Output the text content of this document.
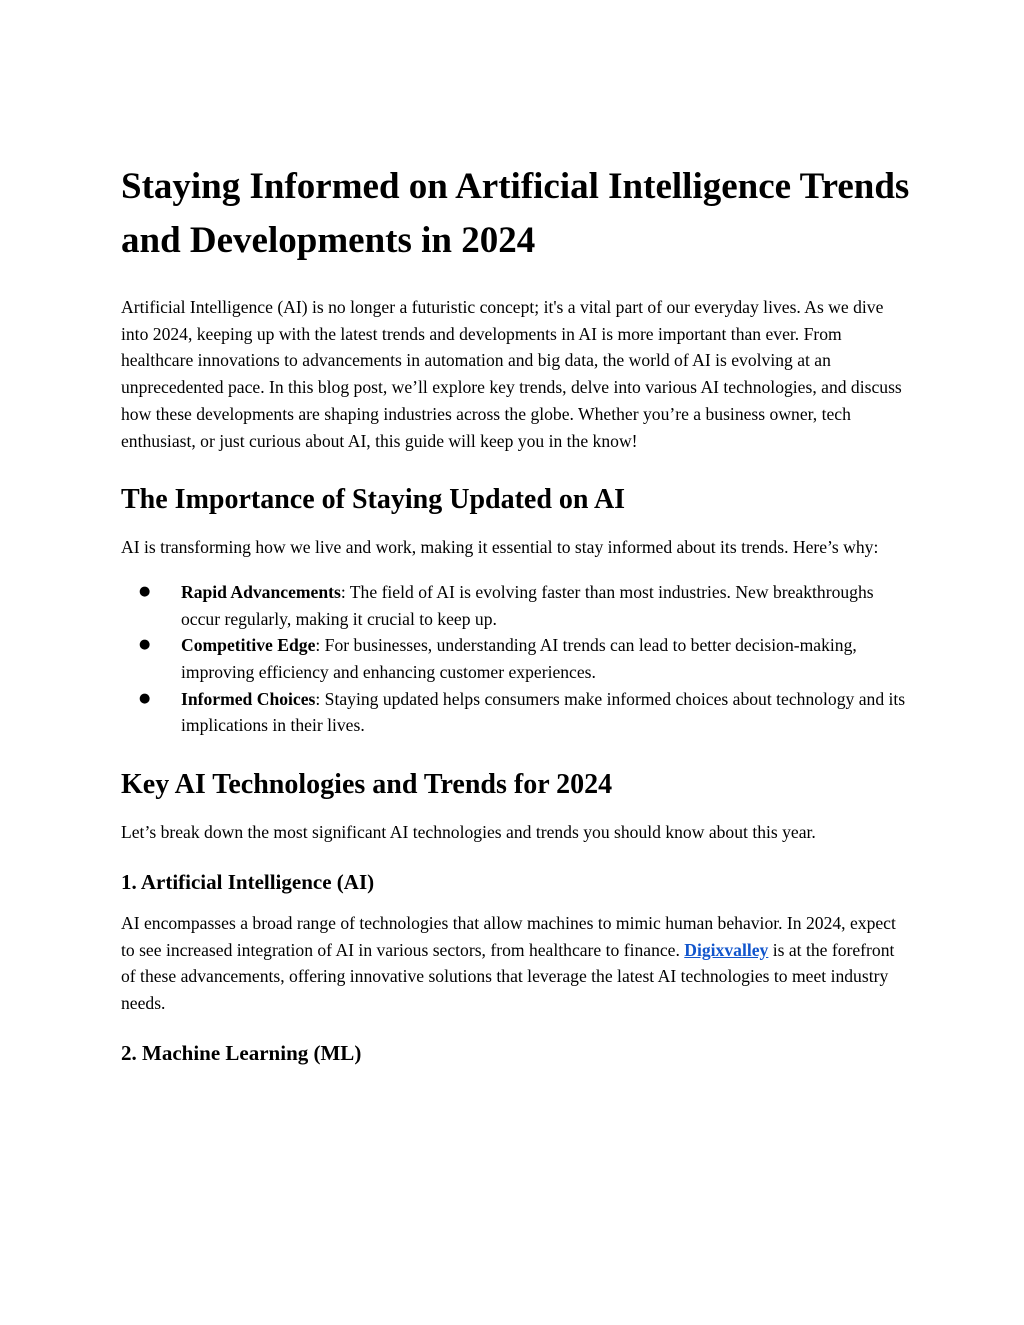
Staying Informed on Artificial Intelligence Trends and Developments in 2024

Artificial Intelligence (AI) is no longer a futuristic concept; it's a vital part of our everyday lives. As we dive into 2024, keeping up with the latest trends and developments in AI is more important than ever. From healthcare innovations to advancements in automation and big data, the world of AI is evolving at an unprecedented pace. In this blog post, we’ll explore key trends, delve into various AI technologies, and discuss how these developments are shaping industries across the globe. Whether you’re a business owner, tech enthusiast, or just curious about AI, this guide will keep you in the know!

The Importance of Staying Updated on AI

AI is transforming how we live and work, making it essential to stay informed about its trends. Here’s why:

● Rapid Advancements: The field of AI is evolving faster than most industries. New breakthroughs occur regularly, making it crucial to keep up.
● Competitive Edge: For businesses, understanding AI trends can lead to better decision-making, improving efficiency and enhancing customer experiences.
● Informed Choices: Staying updated helps consumers make informed choices about technology and its implications in their lives.
Key AI Technologies and Trends for 2024

Let’s break down the most significant AI technologies and trends you should know about this year.

1. Artificial Intelligence (AI)

AI encompasses a broad range of technologies that allow machines to mimic human behavior. In 2024, expect to see increased integration of AI in various sectors, from healthcare to finance. Digixvalley is at the forefront of these advancements, offering innovative solutions that leverage the latest AI technologies to meet industry needs.

2. Machine Learning (ML)
